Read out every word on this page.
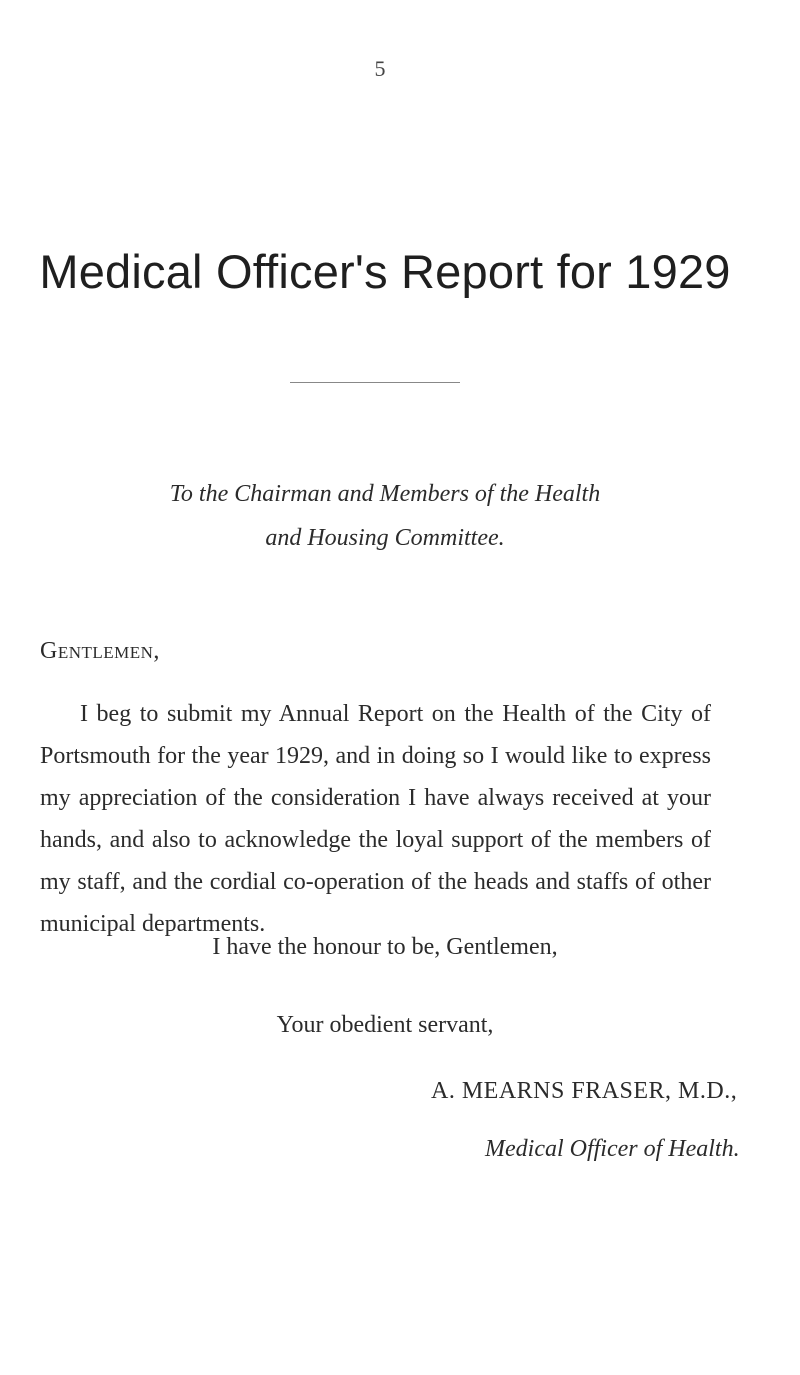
5
Medical Officer's Report for 1929
To the Chairman and Members of the Health
and Housing Committee.
Gentlemen,

I beg to submit my Annual Report on the Health of the City of Portsmouth for the year 1929, and in doing so I would like to express my appreciation of the consideration I have always received at your hands, and also to acknowledge the loyal support of the members of my staff, and the cordial co-operation of the heads and staffs of other municipal departments.

I have the honour to be, Gentlemen,
Your obedient servant,
A. MEARNS FRASER, M.D.,
Medical Officer of Health.
